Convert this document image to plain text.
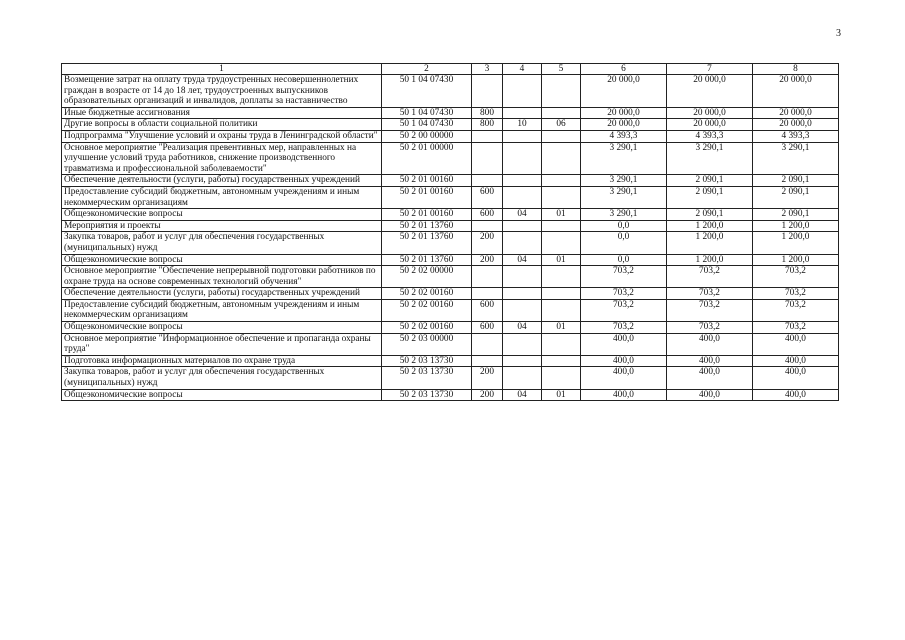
3
1	2	3	4	5	6	7	8
Возмещение затрат на оплату труда трудоустренных несовершеннолетних граждан в возрасте от 14 до 18 лет, трудоустроенных выпускников образовательных организаций и инвалидов, доплаты за наставничество	50 1 04 07430				20 000,0	20 000,0	20 000,0
Иные бюджетные ассигнования	50 1 04 07430	800			20 000,0	20 000,0	20 000,0
Другие вопросы в области социальной политики	50 1 04 07430	800	10	06	20 000,0	20 000,0	20 000,0
Подпрограмма "Улучшение условий и охраны труда в Ленинградской области"	50 2 00 00000				4 393,3	4 393,3	4 393,3
Основное мероприятие "Реализация превентивных мер, направленных на улучшение условий труда работников, снижение производственного травматизма и профессиональной заболеваемости"	50 2 01 00000				3 290,1	3 290,1	3 290,1
Обеспечение деятельности (услуги, работы) государственных учреждений	50 2 01 00160				3 290,1	2 090,1	2 090,1
Предоставление субсидий бюджетным, автономным учреждениям и иным некоммерческим организациям	50 2 01 00160	600			3 290,1	2 090,1	2 090,1
Общеэкономические вопросы	50 2 01 00160	600	04	01	3 290,1	2 090,1	2 090,1
Мероприятия и проекты	50 2 01 13760				0,0	1 200,0	1 200,0
Закупка товаров, работ и услуг для обеспечения государственных (муниципальных) нужд	50 2 01 13760	200			0,0	1 200,0	1 200,0
Общеэкономические вопросы	50 2 01 13760	200	04	01	0,0	1 200,0	1 200,0
Основное мероприятие "Обеспечение непрерывной подготовки работников по охране труда на основе современных технологий обучения"	50 2 02 00000				703,2	703,2	703,2
Обеспечение деятельности (услуги, работы) государственных учреждений	50 2 02 00160				703,2	703,2	703,2
Предоставление субсидий бюджетным, автономным учреждениям и иным некоммерческим организациям	50 2 02 00160	600			703,2	703,2	703,2
Общеэкономические вопросы	50 2 02 00160	600	04	01	703,2	703,2	703,2
Основное мероприятие "Информационное обеспечение и пропаганда охраны труда"	50 2 03 00000				400,0	400,0	400,0
Подготовка информационных материалов по охране труда	50 2 03 13730				400,0	400,0	400,0
Закупка товаров, работ и услуг для обеспечения государственных (муниципальных) нужд	50 2 03 13730	200			400,0	400,0	400,0
Общеэкономические вопросы	50 2 03 13730	200	04	01	400,0	400,0	400,0
